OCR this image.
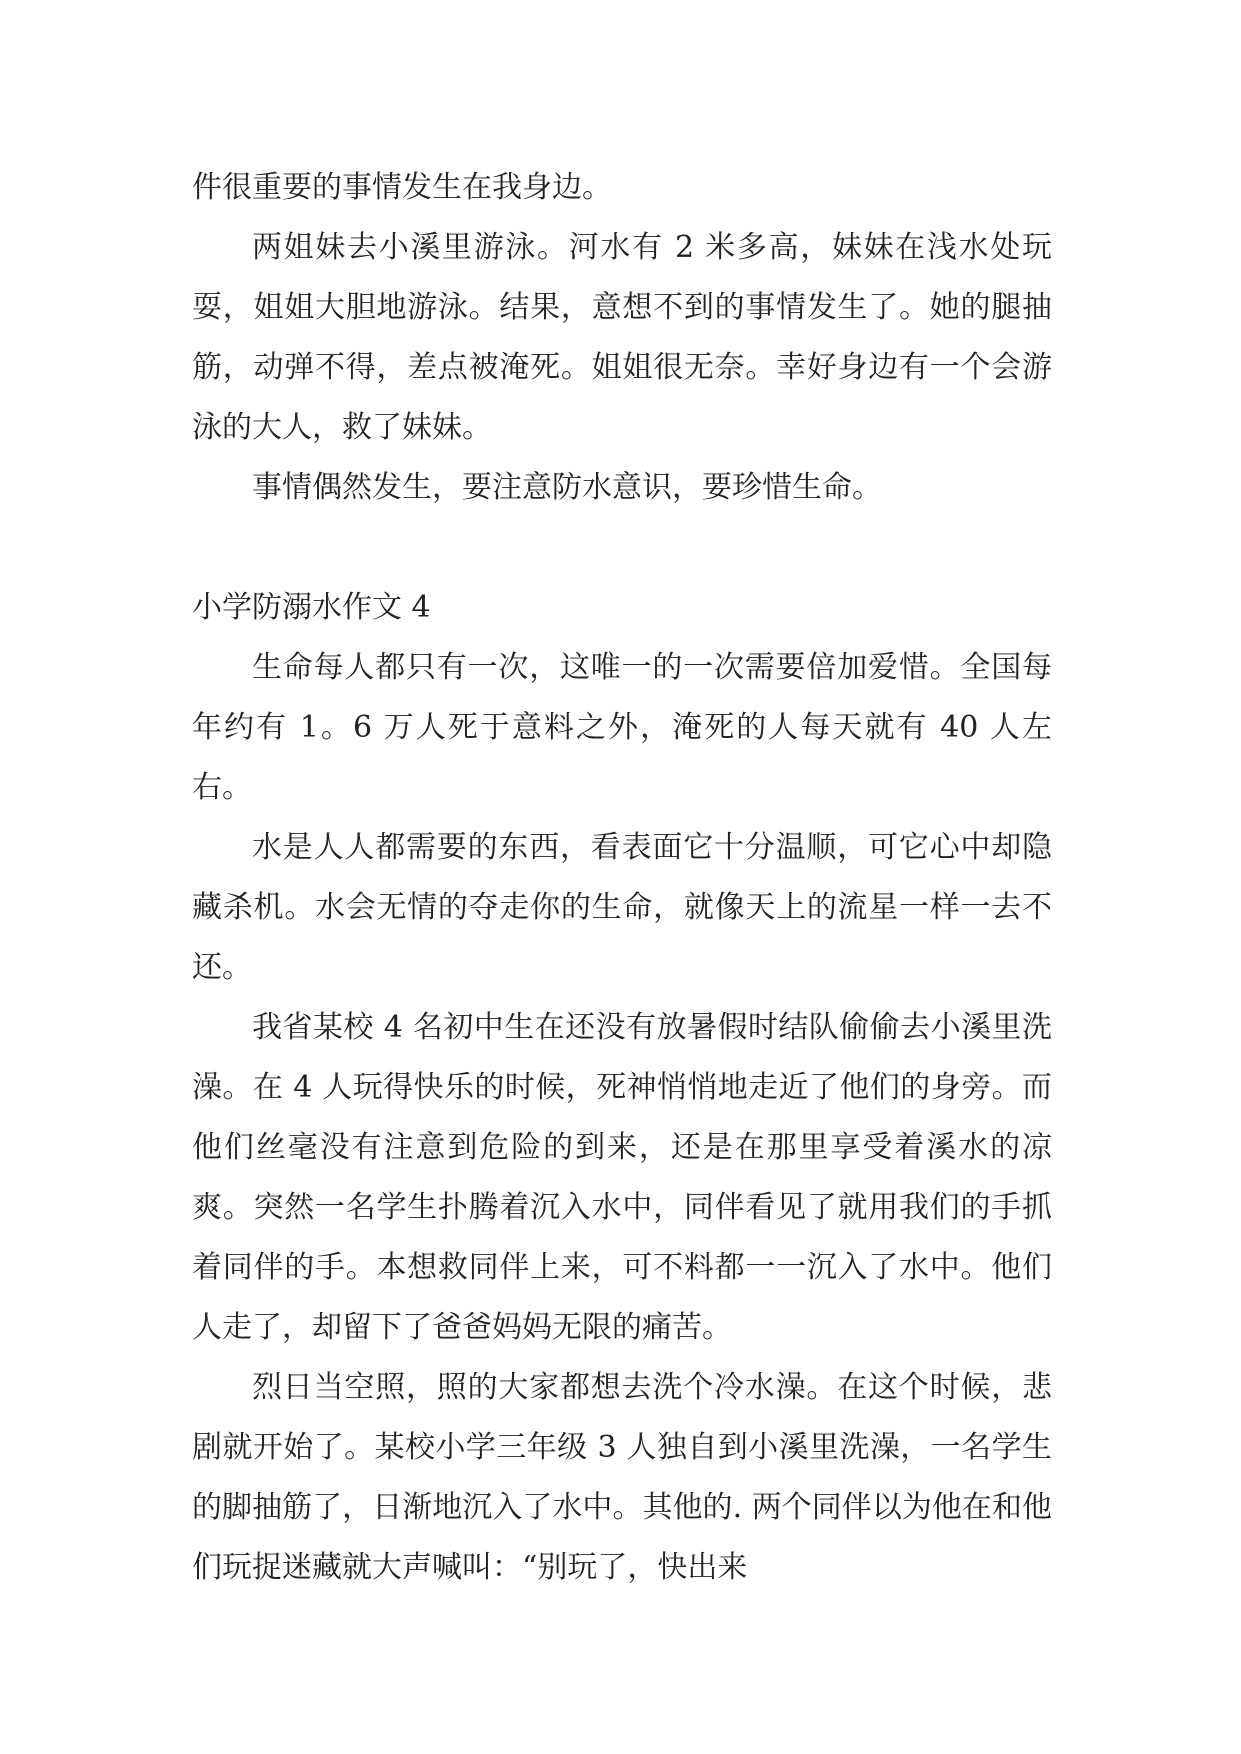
件很重要的事情发生在我身边。

两姐妹去小溪里游泳。河水有 2 米多高，妹妹在浅水处玩耍，姐姐大胆地游泳。结果，意想不到的事情发生了。她的腿抽筋，动弹不得，差点被淹死。姐姐很无奈。幸好身边有一个会游泳的大人，救了妹妹。

事情偶然发生，要注意防水意识，要珍惜生命。

小学防溺水作文 4

生命每人都只有一次，这唯一的一次需要倍加爱惜。全国每年约有 1。6 万人死于意料之外，淹死的人每天就有 40 人左右。

水是人人都需要的东西，看表面它十分温顺，可它心中却隐藏杀机。水会无情的夺走你的生命，就像天上的流星一样一去不还。

我省某校 4 名初中生在还没有放暑假时结队偷偷去小溪里洗澡。在 4 人玩得快乐的时候，死神悄悄地走近了他们的身旁。而他们丝毫没有注意到危险的到来，还是在那里享受着溪水的凉爽。突然一名学生扑腾着沉入水中，同伴看见了就用我们的手抓着同伴的手。本想救同伴上来，可不料都一一沉入了水中。他们人走了，却留下了爸爸妈妈无限的痛苦。

烈日当空照，照的大家都想去洗个冷水澡。在这个时候，悲剧就开始了。某校小学三年级 3 人独自到小溪里洗澡，一名学生的脚抽筋了，日渐地沉入了水中。其他的. 两个同伴以为他在和他们玩捉迷藏就大声喊叫：“别玩了，快出来
